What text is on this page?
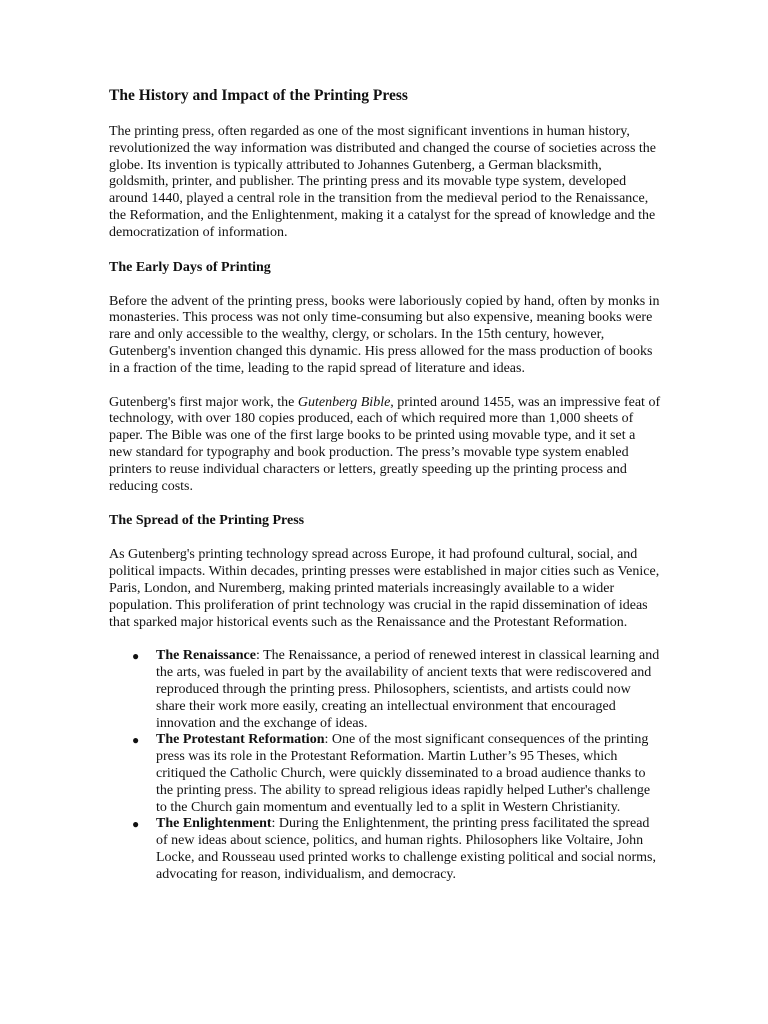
The History and Impact of the Printing Press

The printing press, often regarded as one of the most significant inventions in human history, revolutionized the way information was distributed and changed the course of societies across the globe. Its invention is typically attributed to Johannes Gutenberg, a German blacksmith, goldsmith, printer, and publisher. The printing press and its movable type system, developed around 1440, played a central role in the transition from the medieval period to the Renaissance, the Reformation, and the Enlightenment, making it a catalyst for the spread of knowledge and the democratization of information.

The Early Days of Printing

Before the advent of the printing press, books were laboriously copied by hand, often by monks in monasteries. This process was not only time-consuming but also expensive, meaning books were rare and only accessible to the wealthy, clergy, or scholars. In the 15th century, however, Gutenberg's invention changed this dynamic. His press allowed for the mass production of books in a fraction of the time, leading to the rapid spread of literature and ideas.

Gutenberg's first major work, the Gutenberg Bible, printed around 1455, was an impressive feat of technology, with over 180 copies produced, each of which required more than 1,000 sheets of paper. The Bible was one of the first large books to be printed using movable type, and it set a new standard for typography and book production. The press’s movable type system enabled printers to reuse individual characters or letters, greatly speeding up the printing process and reducing costs.

The Spread of the Printing Press

As Gutenberg's printing technology spread across Europe, it had profound cultural, social, and political impacts. Within decades, printing presses were established in major cities such as Venice, Paris, London, and Nuremberg, making printed materials increasingly available to a wider population. This proliferation of print technology was crucial in the rapid dissemination of ideas that sparked major historical events such as the Renaissance and the Protestant Reformation.

● The Renaissance: The Renaissance, a period of renewed interest in classical learning and the arts, was fueled in part by the availability of ancient texts that were rediscovered and reproduced through the printing press. Philosophers, scientists, and artists could now share their work more easily, creating an intellectual environment that encouraged innovation and the exchange of ideas.
● The Protestant Reformation: One of the most significant consequences of the printing press was its role in the Protestant Reformation. Martin Luther’s 95 Theses, which critiqued the Catholic Church, were quickly disseminated to a broad audience thanks to the printing press. The ability to spread religious ideas rapidly helped Luther's challenge to the Church gain momentum and eventually led to a split in Western Christianity.
● The Enlightenment: During the Enlightenment, the printing press facilitated the spread of new ideas about science, politics, and human rights. Philosophers like Voltaire, John Locke, and Rousseau used printed works to challenge existing political and social norms, advocating for reason, individualism, and democracy.
